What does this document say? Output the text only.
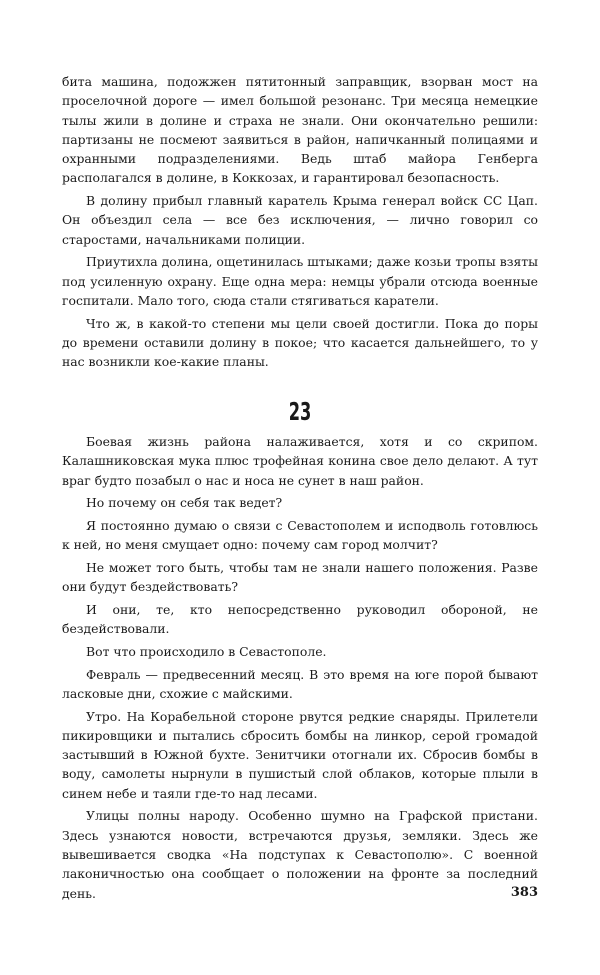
бита машина, подожжен пятитонный заправщик, взорван мост на проселочной дороге — имел большой резонанс. Три месяца немецкие тылы жили в долине и страха не знали. Они окончательно решили: партизаны не посмеют заявиться в район, напичканный полицаями и охранными подразделениями. Ведь штаб майора Генберга располагался в долине, в Коккозах, и гарантировал безопасность.

В долину прибыл главный каратель Крыма генерал войск СС Цап. Он объездил села — все без исключения, — лично говорил со старостами, начальниками полиции.

Приутихла долина, ощетинилась штыками; даже козьи тропы взяты под усиленную охрану. Еще одна мера: немцы убрали отсюда военные госпитали. Мало того, сюда стали стягиваться каратели.

Что ж, в какой-то степени мы цели своей достигли. Пока до поры до времени оставили долину в покое; что касается дальнейшего, то у нас возникли кое-какие планы.

23

Боевая жизнь района налаживается, хотя и со скрипом. Калашниковская мука плюс трофейная конина свое дело делают. А тут враг будто позабыл о нас и носа не сунет в наш район.

Но почему он себя так ведет?

Я постоянно думаю о связи с Севастополем и исподволь готовлюсь к ней, но меня смущает одно: почему сам город молчит?

Не может того быть, чтобы там не знали нашего положения. Разве они будут бездействовать?

И они, те, кто непосредственно руководил обороной, не бездействовали.

Вот что происходило в Севастополе.

Февраль — предвесенний месяц. В это время на юге порой бывают ласковые дни, схожие с майскими.

Утро. На Корабельной стороне рвутся редкие снаряды. Прилетели пикировщики и пытались сбросить бомбы на линкор, серой громадой застывший в Южной бухте. Зенитчики отогнали их. Сбросив бомбы в воду, самолеты нырнули в пушистый слой облаков, которые плыли в синем небе и таяли где-то над лесами.

Улицы полны народу. Особенно шумно на Графской пристани. Здесь узнаются новости, встречаются друзья, земляки. Здесь же вывешивается сводка «На подступах к Севастополю». С военной лаконичностью она сообщает о положении на фронте за последний день.	383
